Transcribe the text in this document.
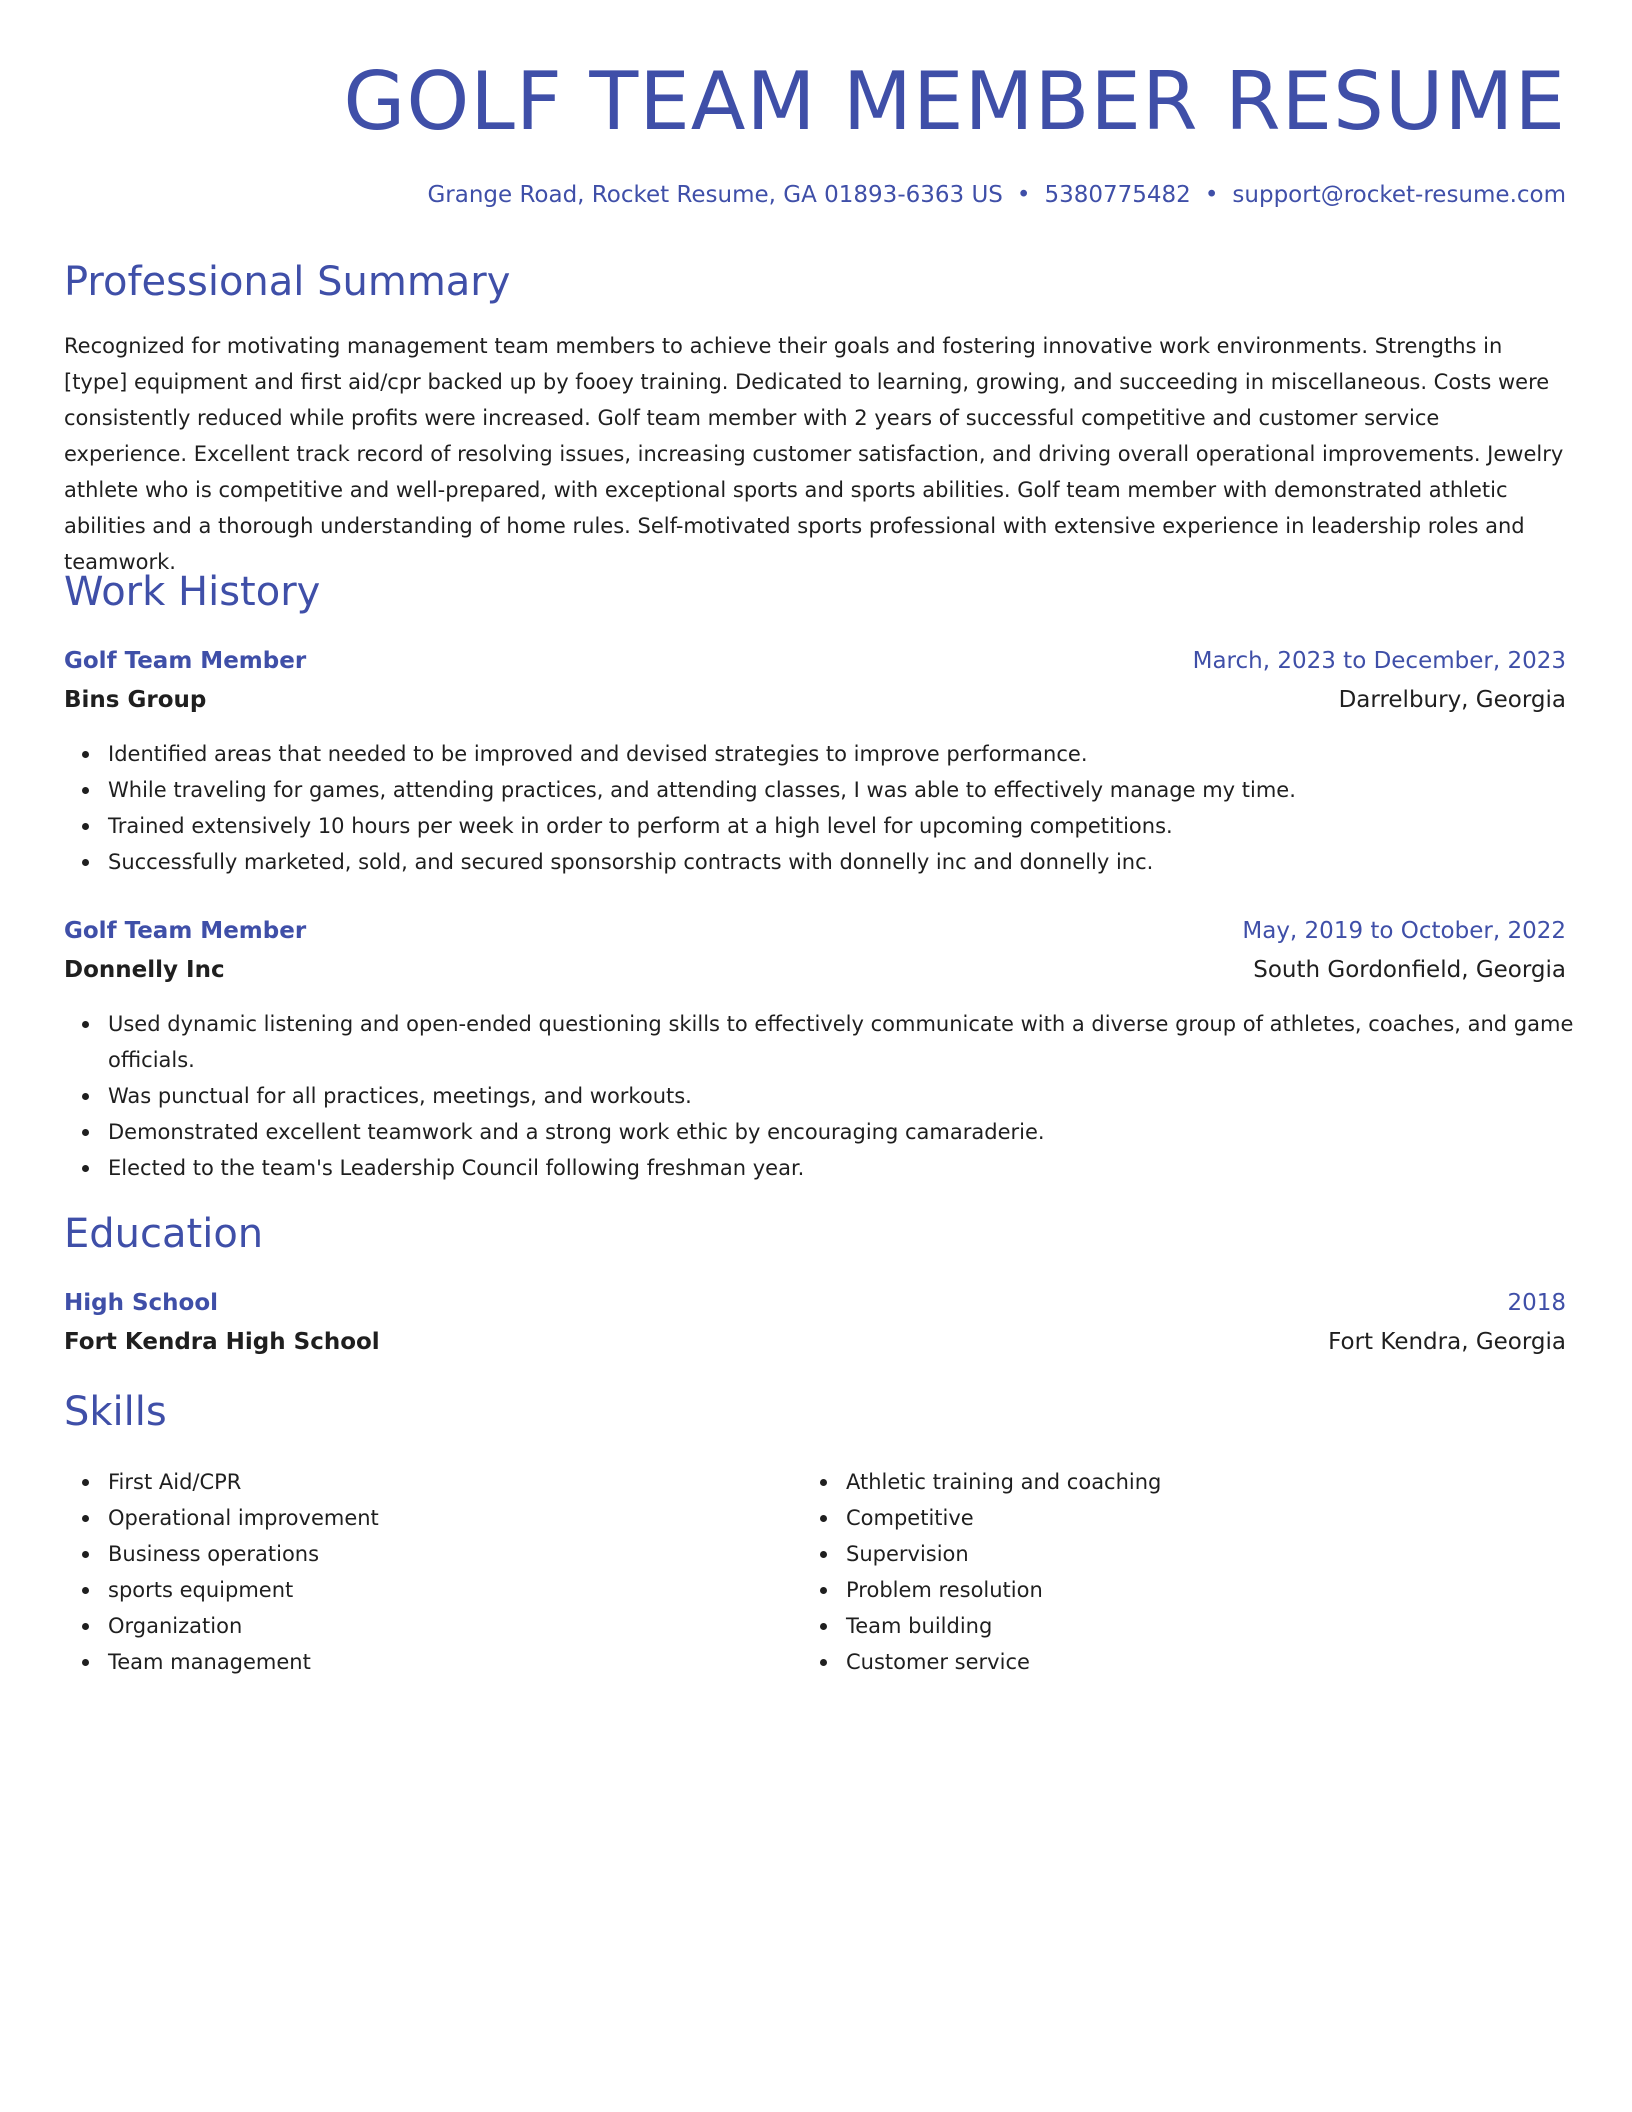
GOLF TEAM MEMBER RESUME
Grange Road, Rocket Resume, GA 01893-6363 US • 5380775482 • support@rocket-resume.com
Professional Summary

Recognized for motivating management team members to achieve their goals and fostering innovative work environments. Strengths in [type] equipment and first aid/cpr backed up by fooey training. Dedicated to learning, growing, and succeeding in miscellaneous. Costs were consistently reduced while profits were increased. Golf team member with 2 years of successful competitive and customer service experience. Excellent track record of resolving issues, increasing customer satisfaction, and driving overall operational improvements. Jewelry athlete who is competitive and well-prepared, with exceptional sports and sports abilities. Golf team member with demonstrated athletic abilities and a thorough understanding of home rules. Self-motivated sports professional with extensive experience in leadership roles and teamwork.

Work History
Golf Team Member	March, 2023 to December, 2023
Bins Group	Darrelbury, Georgia
Identified areas that needed to be improved and devised strategies to improve performance.
While traveling for games, attending practices, and attending classes, I was able to effectively manage my time.
Trained extensively 10 hours per week in order to perform at a high level for upcoming competitions.
Successfully marketed, sold, and secured sponsorship contracts with donnelly inc and donnelly inc.
Golf Team Member	May, 2019 to October, 2022
Donnelly Inc	South Gordonfield, Georgia
Used dynamic listening and open-ended questioning skills to effectively communicate with a diverse group of athletes, coaches, and game officials.
Was punctual for all practices, meetings, and workouts.
Demonstrated excellent teamwork and a strong work ethic by encouraging camaraderie.
Elected to the team's Leadership Council following freshman year.
Education
High School	2018
Fort Kendra High School	Fort Kendra, Georgia
Skills
First Aid/CPR
Operational improvement
Business operations
sports equipment
Organization
Team management
Athletic training and coaching
Competitive
Supervision
Problem resolution
Team building
Customer service
